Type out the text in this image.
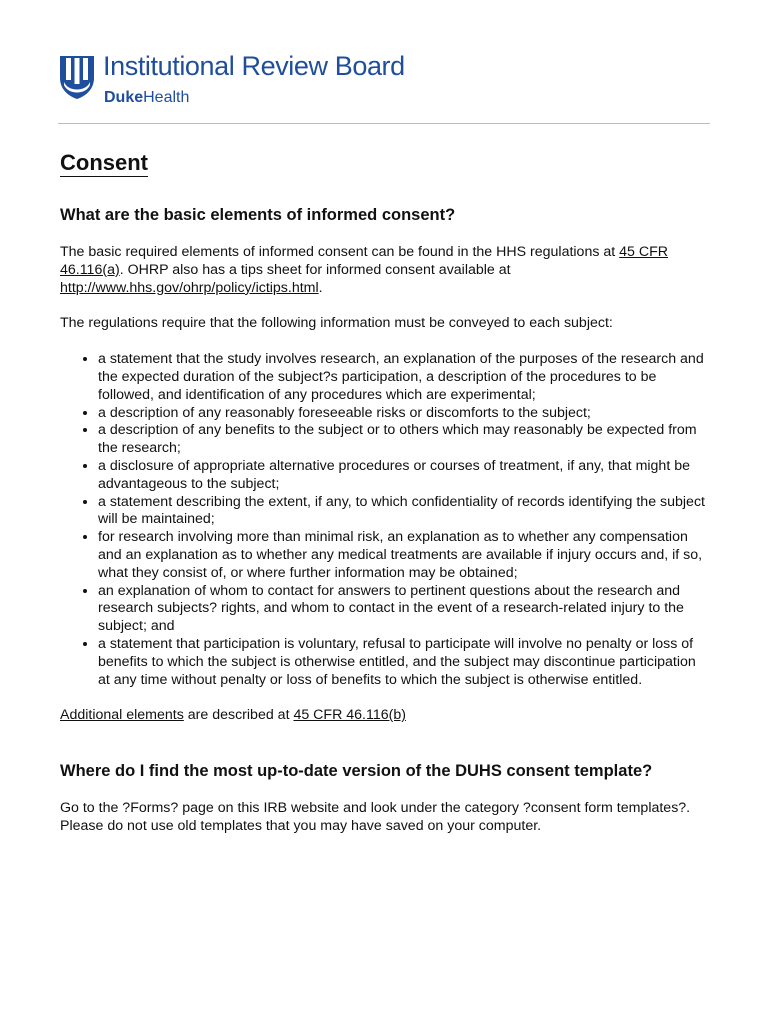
Institutional Review Board
DukeHealth
Consent
What are the basic elements of informed consent?

The basic required elements of informed consent can be found in the HHS regulations at 45 CFR 46.116(a). OHRP also has a tips sheet for informed consent available at http://www.hhs.gov/ohrp/policy/ictips.html.

The regulations require that the following information must be conveyed to each subject:

• a statement that the study involves research, an explanation of the purposes of the research and the expected duration of the subject?s participation, a description of the procedures to be followed, and identification of any procedures which are experimental;
• a description of any reasonably foreseeable risks or discomforts to the subject;
• a description of any benefits to the subject or to others which may reasonably be expected from the research;
• a disclosure of appropriate alternative procedures or courses of treatment, if any, that might be advantageous to the subject;
• a statement describing the extent, if any, to which confidentiality of records identifying the subject will be maintained;
• for research involving more than minimal risk, an explanation as to whether any compensation and an explanation as to whether any medical treatments are available if injury occurs and, if so, what they consist of, or where further information may be obtained;
• an explanation of whom to contact for answers to pertinent questions about the research and research subjects? rights, and whom to contact in the event of a research-related injury to the subject; and
• a statement that participation is voluntary, refusal to participate will involve no penalty or loss of benefits to which the subject is otherwise entitled, and the subject may discontinue participation at any time without penalty or loss of benefits to which the subject is otherwise entitled.

Additional elements are described at 45 CFR 46.116(b)

Where do I find the most up-to-date version of the DUHS consent template?

Go to the ?Forms? page on this IRB website and look under the category ?consent form templates?. Please do not use old templates that you may have saved on your computer.
